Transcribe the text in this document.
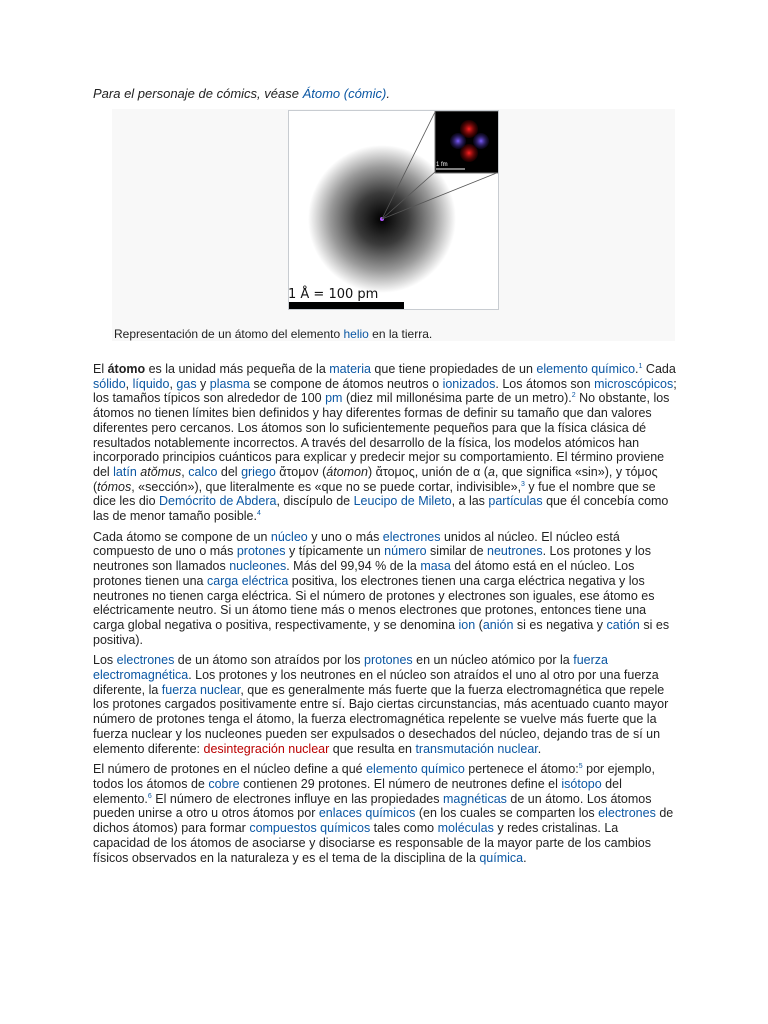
Para el personaje de cómics, véase Átomo (cómic).
1 fm
1 Å = 100 pm
Representación de un átomo del elemento helio en la tierra.

El átomo es la unidad más pequeña de la materia que tiene propiedades de un elemento químico.$^1$ Cada sólido, líquido, gas y plasma se compone de átomos neutros o ionizados. Los átomos son microscópicos; los tamaños típicos son alrededor de 100 pm (diez mil millonésima parte de un metro).$^2$ No obstante, los átomos no tienen límites bien definidos y hay diferentes formas de definir su tamaño que dan valores diferentes pero cercanos. Los átomos son lo suficientemente pequeños para que la física clásica dé resultados notablemente incorrectos. A través del desarrollo de la física, los modelos atómicos han incorporado principios cuánticos para explicar y predecir mejor su comportamiento. El término proviene del latín atŏmus, calco del griego ἄτομον (átomon) ἄτομος, unión de α (a, que significa «sin»), y τόμος (tómos, «sección»), que literalmente es «que no se puede cortar, indivisible»,$^3$ y fue el nombre que se dice les dio Demócrito de Abdera, discípulo de Leucipo de Mileto, a las partículas que él concebía como las de menor tamaño posible.$^4$

Cada átomo se compone de un núcleo y uno o más electrones unidos al núcleo. El núcleo está compuesto de uno o más protones y típicamente un número similar de neutrones. Los protones y los neutrones son llamados nucleones. Más del 99,94 % de la masa del átomo está en el núcleo. Los protones tienen una carga eléctrica positiva, los electrones tienen una carga eléctrica negativa y los neutrones no tienen carga eléctrica. Si el número de protones y electrones son iguales, ese átomo es eléctricamente neutro. Si un átomo tiene más o menos electrones que protones, entonces tiene una carga global negativa o positiva, respectivamente, y se denomina ion (anión si es negativa y catión si es positiva).

Los electrones de un átomo son atraídos por los protones en un núcleo atómico por la fuerza electromagnética. Los protones y los neutrones en el núcleo son atraídos el uno al otro por una fuerza diferente, la fuerza nuclear, que es generalmente más fuerte que la fuerza electromagnética que repele los protones cargados positivamente entre sí. Bajo ciertas circunstancias, más acentuado cuanto mayor número de protones tenga el átomo, la fuerza electromagnética repelente se vuelve más fuerte que la fuerza nuclear y los nucleones pueden ser expulsados o desechados del núcleo, dejando tras de sí un elemento diferente: desintegración nuclear que resulta en transmutación nuclear.

El número de protones en el núcleo define a qué elemento químico pertenece el átomo:$^5$ por ejemplo, todos los átomos de cobre contienen 29 protones. El número de neutrones define el isótopo del elemento.$^6$ El número de electrones influye en las propiedades magnéticas de un átomo. Los átomos pueden unirse a otro u otros átomos por enlaces químicos (en los cuales se comparten los electrones de dichos átomos) para formar compuestos químicos tales como moléculas y redes cristalinas. La capacidad de los átomos de asociarse y disociarse es responsable de la mayor parte de los cambios físicos observados en la naturaleza y es el tema de la disciplina de la química.
